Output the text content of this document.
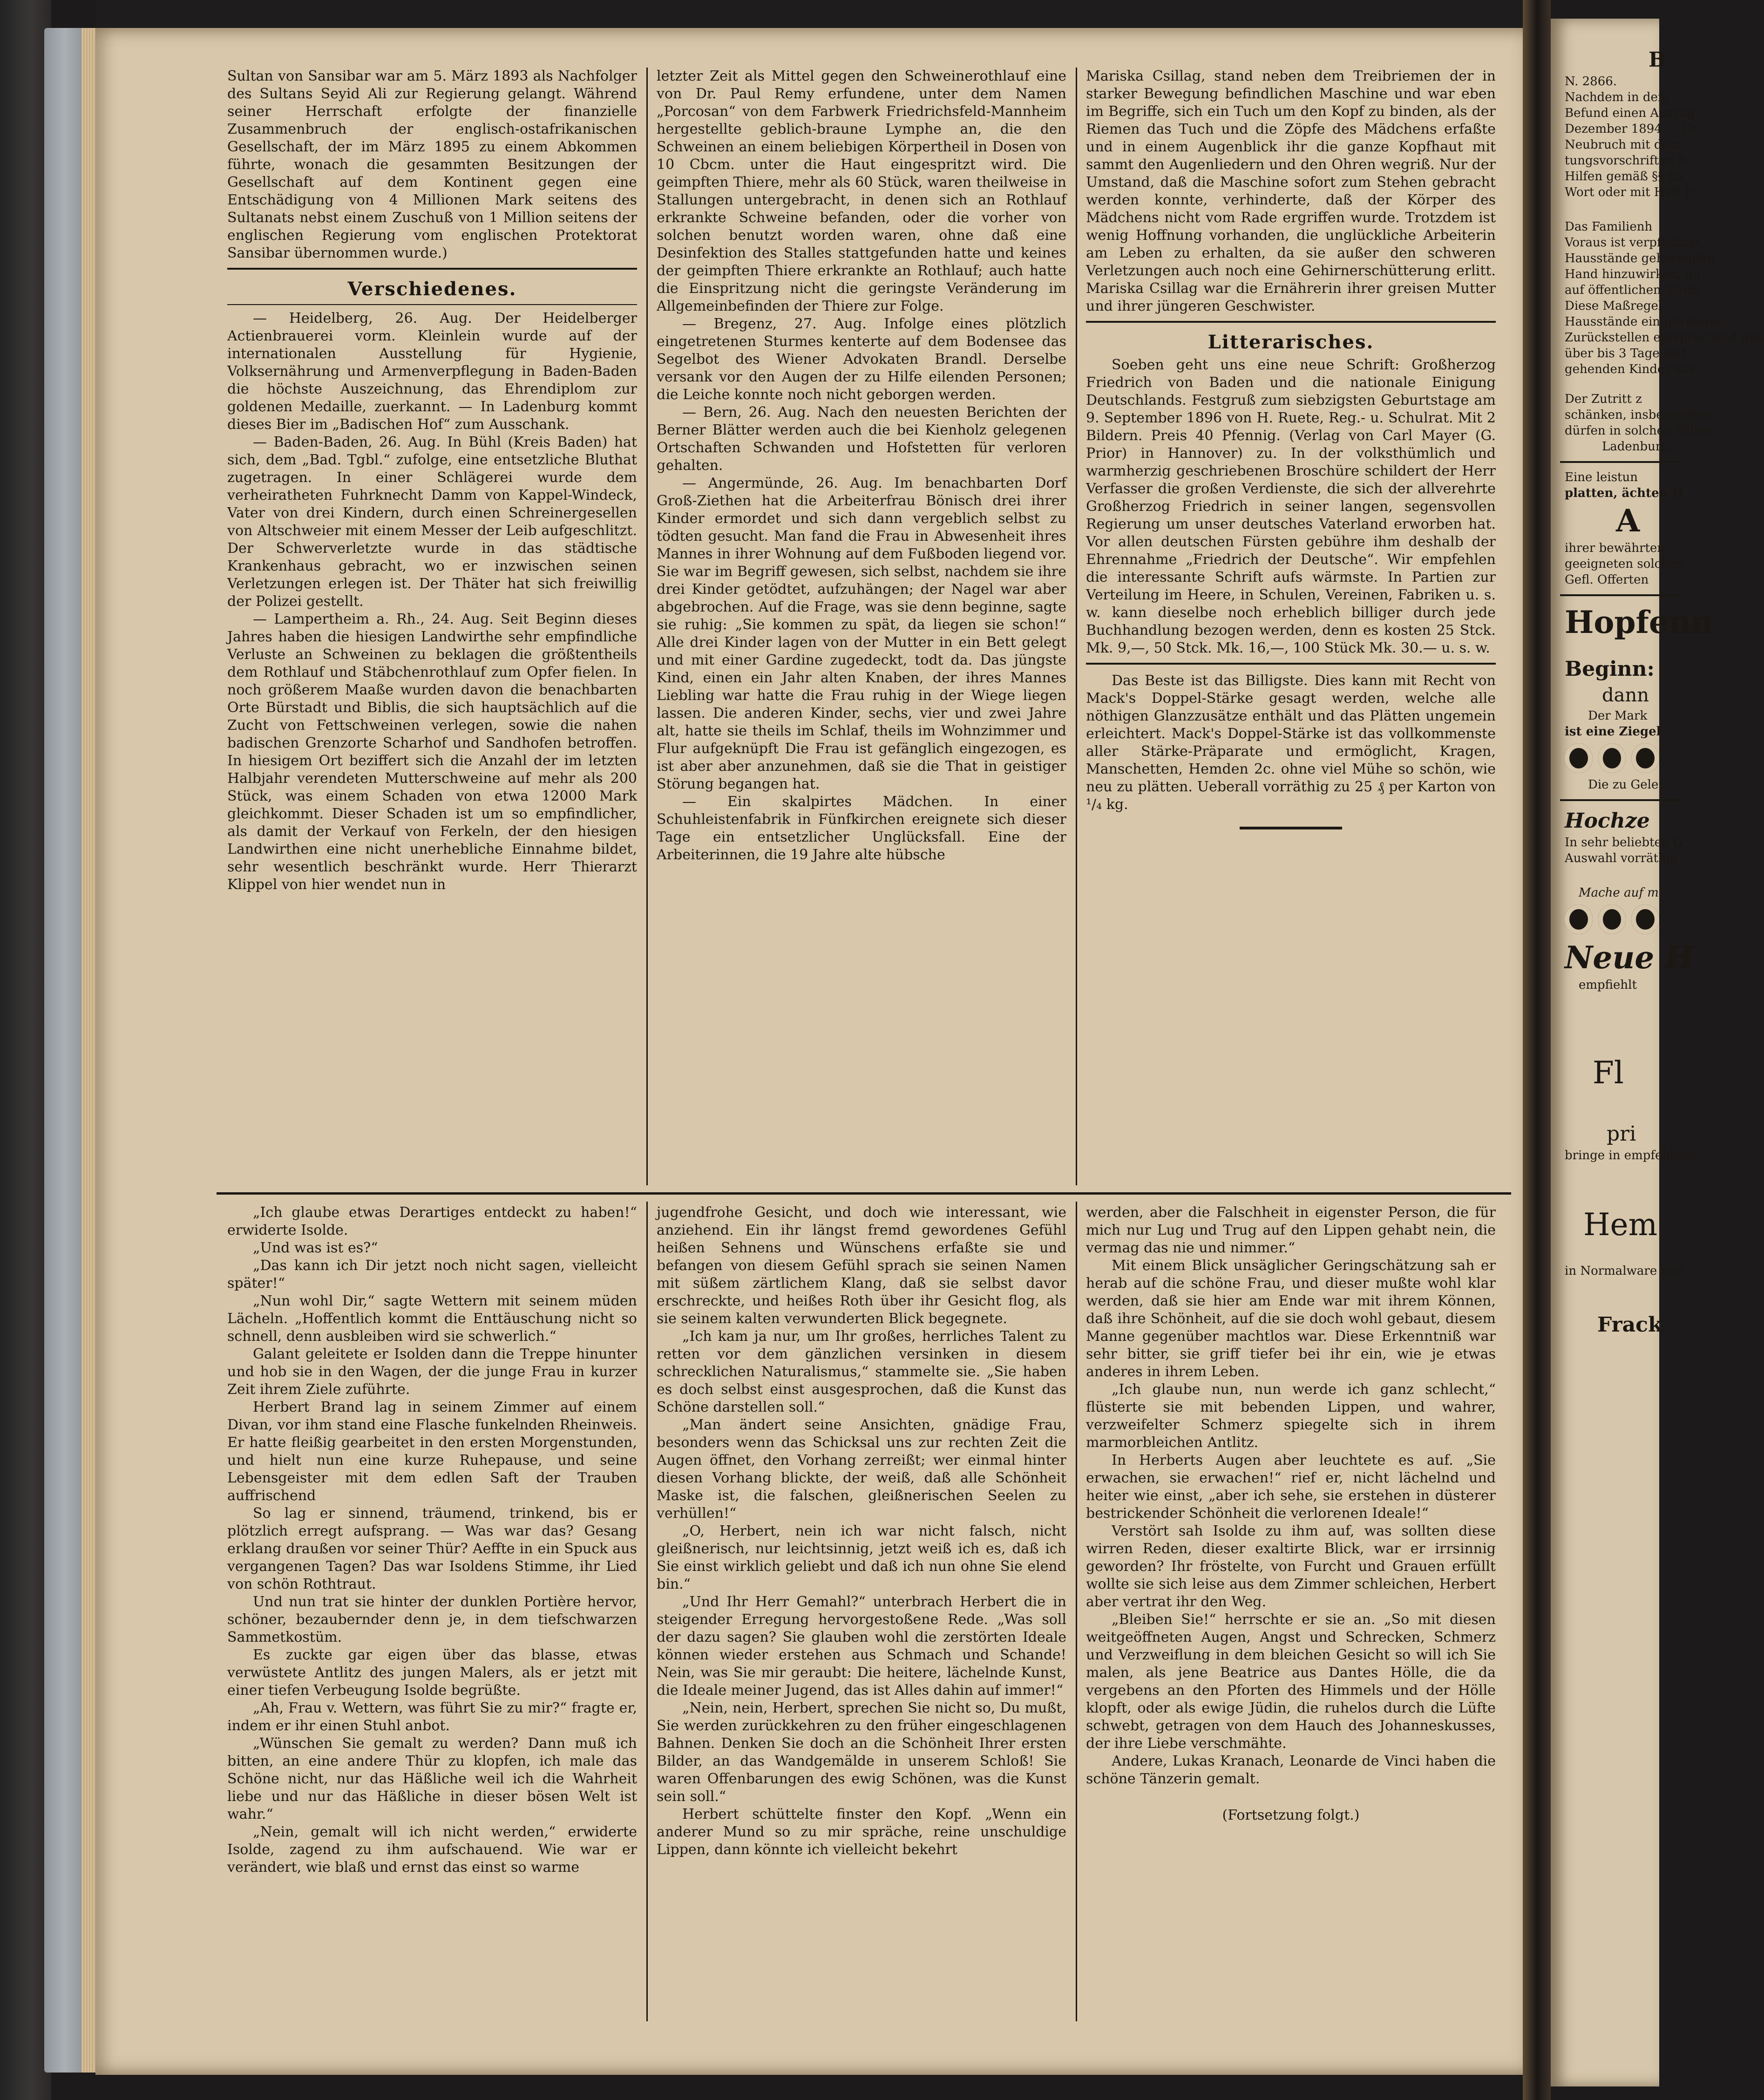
Sultan von Sansibar war am 5. März 1893 als Nachfolger des Sultans Seyid Ali zur Regierung gelangt. Während seiner Herrschaft erfolgte der finanzielle Zusammenbruch der englisch-ostafrikanischen Gesellschaft, der im März 1895 zu einem Abkommen führte, wonach die gesammten Besitzungen der Gesellschaft auf dem Kontinent gegen eine Entschädigung von 4 Millionen Mark seitens des Sultanats nebst einem Zuschuß von 1 Million seitens der englischen Regierung vom englischen Protektorat Sansibar übernommen wurde.)

Verschiedenes.

— Heidelberg, 26. Aug. Der Heidelberger Actienbrauerei vorm. Kleinlein wurde auf der internationalen Ausstellung für Hygienie, Volksernährung und Armenverpflegung in Baden-Baden die höchste Auszeichnung, das Ehrendiplom zur goldenen Medaille, zuerkannt. — In Ladenburg kommt dieses Bier im „Badischen Hof“ zum Ausschank.

— Baden-Baden, 26. Aug. In Bühl (Kreis Baden) hat sich, dem „Bad. Tgbl.“ zufolge, eine entsetzliche Bluthat zugetragen. In einer Schlägerei wurde dem verheiratheten Fuhrknecht Damm von Kappel-Windeck, Vater von drei Kindern, durch einen Schreinergesellen von Altschweier mit einem Messer der Leib aufgeschlitzt. Der Schwerverletzte wurde in das städtische Krankenhaus gebracht, wo er inzwischen seinen Verletzungen erlegen ist. Der Thäter hat sich freiwillig der Polizei gestellt.

— Lampertheim a. Rh., 24. Aug. Seit Beginn dieses Jahres haben die hiesigen Landwirthe sehr empfindliche Verluste an Schweinen zu beklagen die größtentheils dem Rothlauf und Stäbchenrothlauf zum Opfer fielen. In noch größerem Maaße wurden davon die benachbarten Orte Bürstadt und Biblis, die sich hauptsächlich auf die Zucht von Fettschweinen verlegen, sowie die nahen badischen Grenzorte Scharhof und Sandhofen betroffen. In hiesigem Ort beziffert sich die Anzahl der im letzten Halbjahr verendeten Mutterschweine auf mehr als 200 Stück, was einem Schaden von etwa 12000 Mark gleichkommt. Dieser Schaden ist um so empfindlicher, als damit der Verkauf von Ferkeln, der den hiesigen Landwirthen eine nicht unerhebliche Einnahme bildet, sehr wesentlich beschränkt wurde. Herr Thierarzt Klippel von hier wendet nun in

letzter Zeit als Mittel gegen den Schweinerothlauf eine von Dr. Paul Remy erfundene, unter dem Namen „Porcosan“ von dem Farbwerk Friedrichsfeld-Mannheim hergestellte geblich-braune Lymphe an, die den Schweinen an einem beliebigen Körpertheil in Dosen von 10 Cbcm. unter die Haut eingespritzt wird. Die geimpften Thiere, mehr als 60 Stück, waren theilweise in Stallungen untergebracht, in denen sich an Rothlauf erkrankte Schweine befanden, oder die vorher von solchen benutzt worden waren, ohne daß eine Desinfektion des Stalles stattgefunden hatte und keines der geimpften Thiere erkrankte an Rothlauf; auch hatte die Einspritzung nicht die geringste Veränderung im Allgemeinbefinden der Thiere zur Folge.

— Bregenz, 27. Aug. Infolge eines plötzlich eingetretenen Sturmes kenterte auf dem Bodensee das Segelbot des Wiener Advokaten Brandl. Derselbe versank vor den Augen der zu Hilfe eilenden Personen; die Leiche konnte noch nicht geborgen werden.

— Bern, 26. Aug. Nach den neuesten Berichten der Berner Blätter werden auch die bei Kienholz gelegenen Ortschaften Schwanden und Hofstetten für verloren gehalten.

— Angermünde, 26. Aug. Im benachbarten Dorf Groß-Ziethen hat die Arbeiterfrau Bönisch drei ihrer Kinder ermordet und sich dann vergeblich selbst zu tödten gesucht. Man fand die Frau in Abwesenheit ihres Mannes in ihrer Wohnung auf dem Fußboden liegend vor. Sie war im Begriff gewesen, sich selbst, nachdem sie ihre drei Kinder getödtet, aufzuhängen; der Nagel war aber abgebrochen. Auf die Frage, was sie denn beginne, sagte sie ruhig: „Sie kommen zu spät, da liegen sie schon!“ Alle drei Kinder lagen von der Mutter in ein Bett gelegt und mit einer Gardine zugedeckt, todt da. Das jüngste Kind, einen ein Jahr alten Knaben, der ihres Mannes Liebling war hatte die Frau ruhig in der Wiege liegen lassen. Die anderen Kinder, sechs, vier und zwei Jahre alt, hatte sie theils im Schlaf, theils im Wohnzimmer und Flur aufgeknüpft Die Frau ist gefänglich eingezogen, es ist aber aber anzunehmen, daß sie die That in geistiger Störung begangen hat.

— Ein skalpirtes Mädchen. In einer Schuhleistenfabrik in Fünfkirchen ereignete sich dieser Tage ein entsetzlicher Unglücksfall. Eine der Arbeiterinnen, die 19 Jahre alte hübsche

Mariska Csillag, stand neben dem Treibriemen der in starker Bewegung befindlichen Maschine und war eben im Begriffe, sich ein Tuch um den Kopf zu binden, als der Riemen das Tuch und die Zöpfe des Mädchens erfaßte und in einem Augenblick ihr die ganze Kopfhaut mit sammt den Augenliedern und den Ohren wegriß. Nur der Umstand, daß die Maschine sofort zum Stehen gebracht werden konnte, verhinderte, daß der Körper des Mädchens nicht vom Rade ergriffen wurde. Trotzdem ist wenig Hoffnung vorhanden, die unglückliche Arbeiterin am Leben zu erhalten, da sie außer den schweren Verletzungen auch noch eine Gehirnerschütterung erlitt. Mariska Csillag war die Ernährerin ihrer greisen Mutter und ihrer jüngeren Geschwister.

Litterarisches.

Soeben geht uns eine neue Schrift: Großherzog Friedrich von Baden und die nationale Einigung Deutschlands. Festgruß zum siebzigsten Geburtstage am 9. September 1896 von H. Ruete, Reg.- u. Schulrat. Mit 2 Bildern. Preis 40 Pfennig. (Verlag von Carl Mayer (G. Prior) in Hannover) zu. In der volksthümlich und warmherzig geschriebenen Broschüre schildert der Herr Verfasser die großen Verdienste, die sich der allverehrte Großherzog Friedrich in seiner langen, segensvollen Regierung um unser deutsches Vaterland erworben hat. Vor allen deutschen Fürsten gebühre ihm deshalb der Ehrennahme „Friedrich der Deutsche“. Wir empfehlen die interessante Schrift aufs wärmste. In Partien zur Verteilung im Heere, in Schulen, Vereinen, Fabriken u. s. w. kann dieselbe noch erheblich billiger durch jede Buchhandlung bezogen werden, denn es kosten 25 Stck. Mk. 9,—, 50 Stck. Mk. 16,—, 100 Stück Mk. 30.— u. s. w.

Das Beste ist das Billigste. Dies kann mit Recht von Mack's Doppel-Stärke gesagt werden, welche alle nöthigen Glanzzusätze enthält und das Plätten ungemein erleichtert. Mack's Doppel-Stärke ist das vollkommenste aller Stärke-Präparate und ermöglicht, Kragen, Manschetten, Hemden 2c. ohne viel Mühe so schön, wie neu zu plätten. Ueberall vorräthig zu 25 ₰ per Karton von ¹/₄ kg.

„Ich glaube etwas Derartiges entdeckt zu haben!“ erwiderte Isolde.

„Und was ist es?“

„Das kann ich Dir jetzt noch nicht sagen, vielleicht später!“

„Nun wohl Dir,“ sagte Wettern mit seinem müden Lächeln. „Hoffentlich kommt die Enttäuschung nicht so schnell, denn ausbleiben wird sie schwerlich.“

Galant geleitete er Isolden dann die Treppe hinunter und hob sie in den Wagen, der die junge Frau in kurzer Zeit ihrem Ziele zuführte.

Herbert Brand lag in seinem Zimmer auf einem Divan, vor ihm stand eine Flasche funkelnden Rheinweis. Er hatte fleißig gearbeitet in den ersten Morgenstunden, und hielt nun eine kurze Ruhepause, und seine Lebensgeister mit dem edlen Saft der Trauben auffrischend

So lag er sinnend, träumend, trinkend, bis er plötzlich erregt aufsprang. — Was war das? Gesang erklang draußen vor seiner Thür? Aeffte in ein Spuck aus vergangenen Tagen? Das war Isoldens Stimme, ihr Lied von schön Rothtraut.

Und nun trat sie hinter der dunklen Portière hervor, schöner, bezaubernder denn je, in dem tiefschwarzen Sammetkostüm.

Es zuckte gar eigen über das blasse, etwas verwüstete Antlitz des jungen Malers, als er jetzt mit einer tiefen Verbeugung Isolde begrüßte.

„Ah, Frau v. Wettern, was führt Sie zu mir?“ fragte er, indem er ihr einen Stuhl anbot.

„Wünschen Sie gemalt zu werden? Dann muß ich bitten, an eine andere Thür zu klopfen, ich male das Schöne nicht, nur das Häßliche weil ich die Wahrheit liebe und nur das Häßliche in dieser bösen Welt ist wahr.“

„Nein, gemalt will ich nicht werden,“ erwiderte Isolde, zagend zu ihm aufschauend. Wie war er verändert, wie blaß und ernst das einst so warme

jugendfrohe Gesicht, und doch wie interessant, wie anziehend. Ein ihr längst fremd gewordenes Gefühl heißen Sehnens und Wünschens erfaßte sie und befangen von diesem Gefühl sprach sie seinen Namen mit süßem zärtlichem Klang, daß sie selbst davor erschreckte, und heißes Roth über ihr Gesicht flog, als sie seinem kalten verwunderten Blick begegnete.

„Ich kam ja nur, um Ihr großes, herrliches Talent zu retten vor dem gänzlichen versinken in diesem schrecklichen Naturalismus,“ stammelte sie. „Sie haben es doch selbst einst ausgesprochen, daß die Kunst das Schöne darstellen soll.“

„Man ändert seine Ansichten, gnädige Frau, besonders wenn das Schicksal uns zur rechten Zeit die Augen öffnet, den Vorhang zerreißt; wer einmal hinter diesen Vorhang blickte, der weiß, daß alle Schönheit Maske ist, die falschen, gleißnerischen Seelen zu verhüllen!“

„O, Herbert, nein ich war nicht falsch, nicht gleißnerisch, nur leichtsinnig, jetzt weiß ich es, daß ich Sie einst wirklich geliebt und daß ich nun ohne Sie elend bin.“

„Und Ihr Herr Gemahl?“ unterbrach Herbert die in steigender Erregung hervorgestoßene Rede. „Was soll der dazu sagen? Sie glauben wohl die zerstörten Ideale können wieder erstehen aus Schmach und Schande! Nein, was Sie mir geraubt: Die heitere, lächelnde Kunst, die Ideale meiner Jugend, das ist Alles dahin auf immer!“

„Nein, nein, Herbert, sprechen Sie nicht so, Du mußt, Sie werden zurückkehren zu den früher eingeschlagenen Bahnen. Denken Sie doch an die Schönheit Ihrer ersten Bilder, an das Wandgemälde in unserem Schloß! Sie waren Offenbarungen des ewig Schönen, was die Kunst sein soll.“

Herbert schüttelte finster den Kopf. „Wenn ein anderer Mund so zu mir spräche, reine unschuldige Lippen, dann könnte ich vielleicht bekehrt

werden, aber die Falschheit in eigenster Person, die für mich nur Lug und Trug auf den Lippen gehabt nein, die vermag das nie und nimmer.“

Mit einem Blick unsäglicher Geringschätzung sah er herab auf die schöne Frau, und dieser mußte wohl klar werden, daß sie hier am Ende war mit ihrem Können, daß ihre Schönheit, auf die sie doch wohl gebaut, diesem Manne gegenüber machtlos war. Diese Erkenntniß war sehr bitter, sie griff tiefer bei ihr ein, wie je etwas anderes in ihrem Leben.

„Ich glaube nun, nun werde ich ganz schlecht,“ flüsterte sie mit bebenden Lippen, und wahrer, verzweifelter Schmerz spiegelte sich in ihrem marmorbleichen Antlitz.

In Herberts Augen aber leuchtete es auf. „Sie erwachen, sie erwachen!“ rief er, nicht lächelnd und heiter wie einst, „aber ich sehe, sie erstehen in düsterer bestrickender Schönheit die verlorenen Ideale!“

Verstört sah Isolde zu ihm auf, was sollten diese wirren Reden, dieser exaltirte Blick, war er irrsinnig geworden? Ihr fröstelte, von Furcht und Grauen erfüllt wollte sie sich leise aus dem Zimmer schleichen, Herbert aber vertrat ihr den Weg.

„Bleiben Sie!“ herrschte er sie an. „So mit diesen weitgeöffneten Augen, Angst und Schrecken, Schmerz und Verzweiflung in dem bleichen Gesicht so will ich Sie malen, als jene Beatrice aus Dantes Hölle, die da vergebens an den Pforten des Himmels und der Hölle klopft, oder als ewige Jüdin, die ruhelos durch die Lüfte schwebt, getragen von dem Hauch des Johanneskusses, der ihre Liebe verschmähte.

Andere, Lukas Kranach, Leonarde de Vinci haben die schöne Tänzerin gemalt.

(Fortsetzung folgt.)

B
N. 2866.
Nachdem in dem
Befund einen Auszug
Dezember 1894 — Gr.
Neubruch mit dem
tungsvorschriften B
Hilfen gemäß §§ 85
Wort oder mit Haft b
Das Familienh
Voraus ist verpflichtet,
Hausstände gehörenden
Hand hinzuwirken, an
auf öffentlichen Straß
Diese Maßregel
Hausstände eingetretenen
Zurückstellen entsprechend den
über bis 3 Tage fest
gehenden Kinder aus
Der Zutritt z
schänken, insbesondere
dürfen in solchen Fällen
Ladenburg,
Eine leistun
platten, ächten H
A
ihrer bewährten
geeigneten solchen
Gefl. Offerten
Hopfenn
Beginn:
dann
Der Mark
ist eine Ziegel
Die zu Gele
Hochze
In sehr beliebten G
Auswahl vorräthig
Mache auf m
Neue H
empfiehlt
Fl
pri
bringe in empfehlend
Hem
in Normalware und
Frack
